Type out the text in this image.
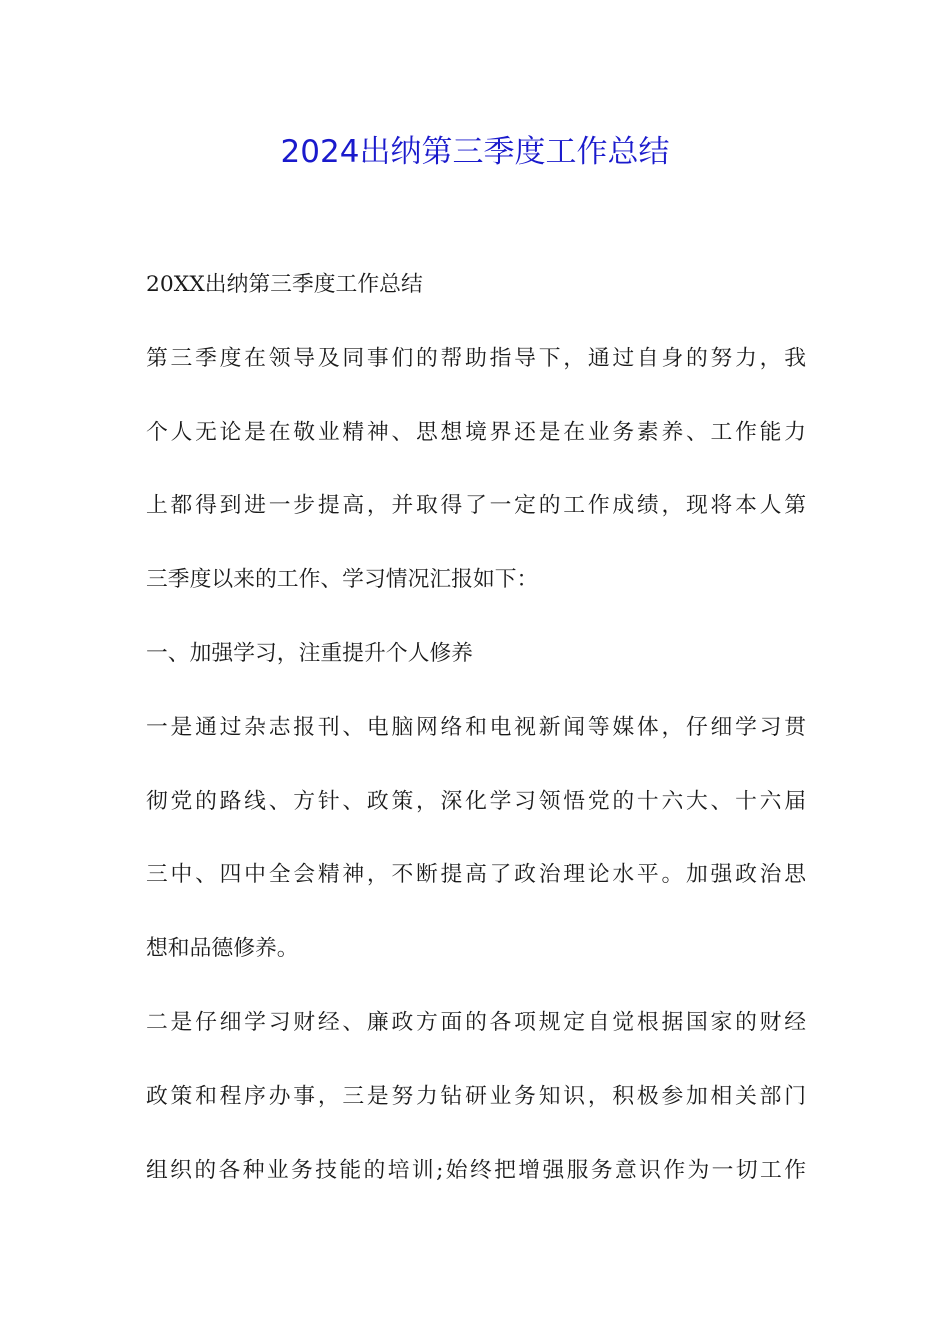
2024出纳第三季度工作总结
20XX出纳第三季度工作总结
第三季度在领导及同事们的帮助指导下，通过自身的努力，我
个人无论是在敬业精神、思想境界还是在业务素养、工作能力
上都得到进一步提高，并取得了一定的工作成绩，现将本人第
三季度以来的工作、学习情况汇报如下：
一、加强学习，注重提升个人修养
一是通过杂志报刊、电脑网络和电视新闻等媒体，仔细学习贯
彻党的路线、方针、政策，深化学习领悟党的十六大、十六届
三中、四中全会精神，不断提高了政治理论水平。加强政治思
想和品德修养。
二是仔细学习财经、廉政方面的各项规定自觉根据国家的财经
政策和程序办事，三是努力钻研业务知识，积极参加相关部门
组织的各种业务技能的培训;始终把增强服务意识作为一切工作
